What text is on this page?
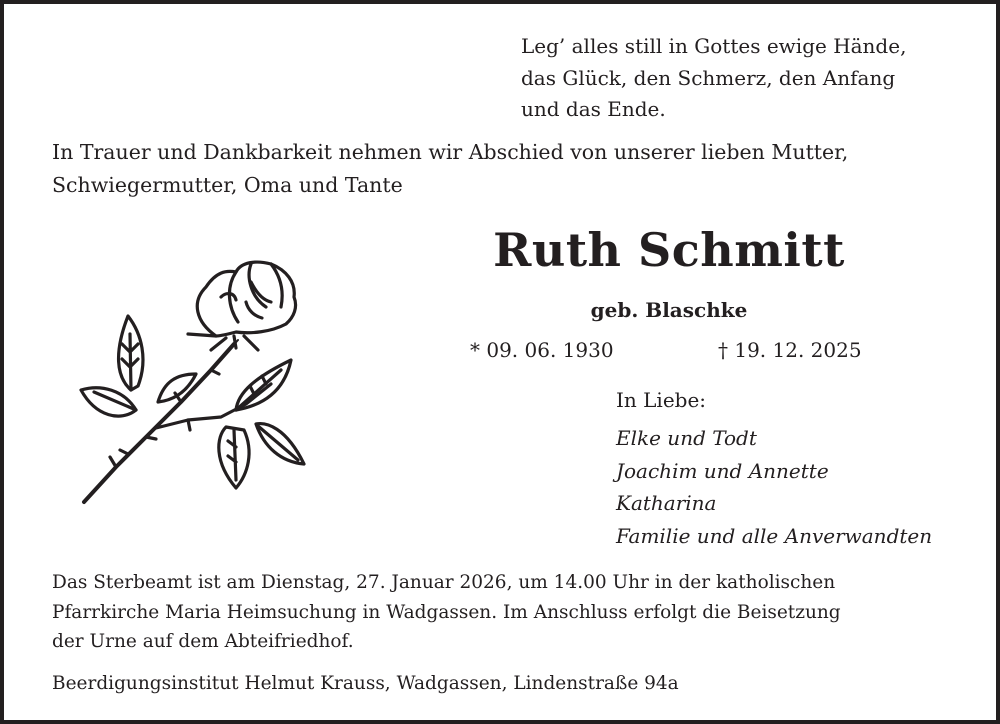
Leg’ alles still in Gottes ewige Hände,
das Glück, den Schmerz, den Anfang
und das Ende.
In Trauer und Dankbarkeit nehmen wir Abschied von unserer lieben Mutter,
Schwiegermutter, Oma und Tante
Ruth Schmitt
geb. Blaschke
* 09. 06. 1930	† 19. 12. 2025
In Liebe:
Elke und Todt
Joachim und Annette
Katharina
Familie und alle Anverwandten
Das Sterbeamt ist am Dienstag, 27. Januar 2026, um 14.00 Uhr in der katholischen
Pfarrkirche Maria Heimsuchung in Wadgassen. Im Anschluss erfolgt die Beisetzung
der Urne auf dem Abteifriedhof.
Beerdigungsinstitut Helmut Krauss, Wadgassen, Lindenstraße 94a
